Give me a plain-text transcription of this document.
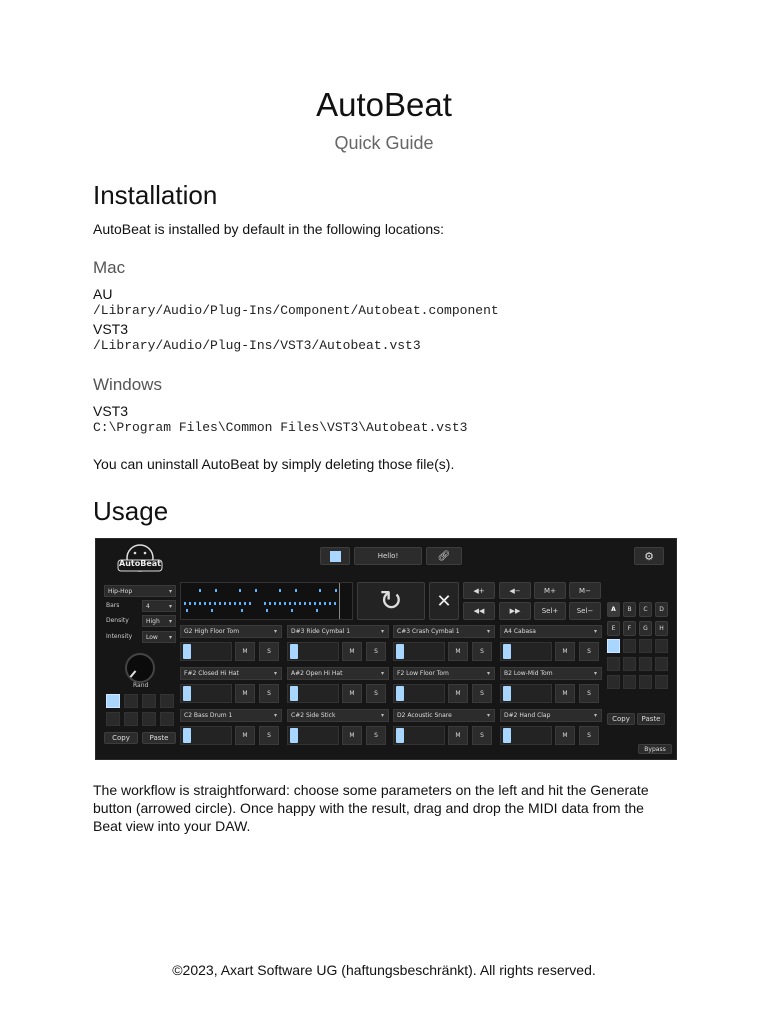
AutoBeat
Quick Guide
Installation
AutoBeat is installed by default in the following locations:
Mac
AU
/Library/Audio/Plug-Ins/Component/Autobeat.component
VST3
/Library/Audio/Plug-Ins/VST3/Autobeat.vst3
Windows
VST3
C:\Program Files\Common Files\VST3\Autobeat.vst3
You can uninstall AutoBeat by simply deleting those file(s).
Usage
AutoBeat
Hello!	🔗︎	⚙
Hip-Hop ▾
Bars	4 ▾
Density	High ▾
Intensity	Low ▾
Rand
Copy	Paste
↻ ✕	◀+	◀−	M+	M−
◀◀	▶▶	Sel+	Sel−
G2 High Floor Tom ▾
M	S
D#3 Ride Cymbal 1 ▾
M	S
C#3 Crash Cymbal 1 ▾
M	S
A4 Cabasa ▾
M	S
F#2 Closed Hi Hat ▾
M	S
A#2 Open Hi Hat ▾
M	S
F2 Low Floor Tom ▾
M	S
B2 Low-Mid Tom ▾
M	S
C2 Bass Drum 1 ▾
M	S
C#2 Side Stick ▾
M	S
D2 Acoustic Snare ▾
M	S
D#2 Hand Clap ▾
M	S
A	B	C	D
E	F	G	H
Copy	Paste
Bypass
The workflow is straightforward: choose some parameters on the left and hit the Generate button (arrowed circle). Once happy with the result, drag and drop the MIDI data from the Beat view into your DAW.
©2023, Axart Software UG (haftungsbeschränkt). All rights reserved.
